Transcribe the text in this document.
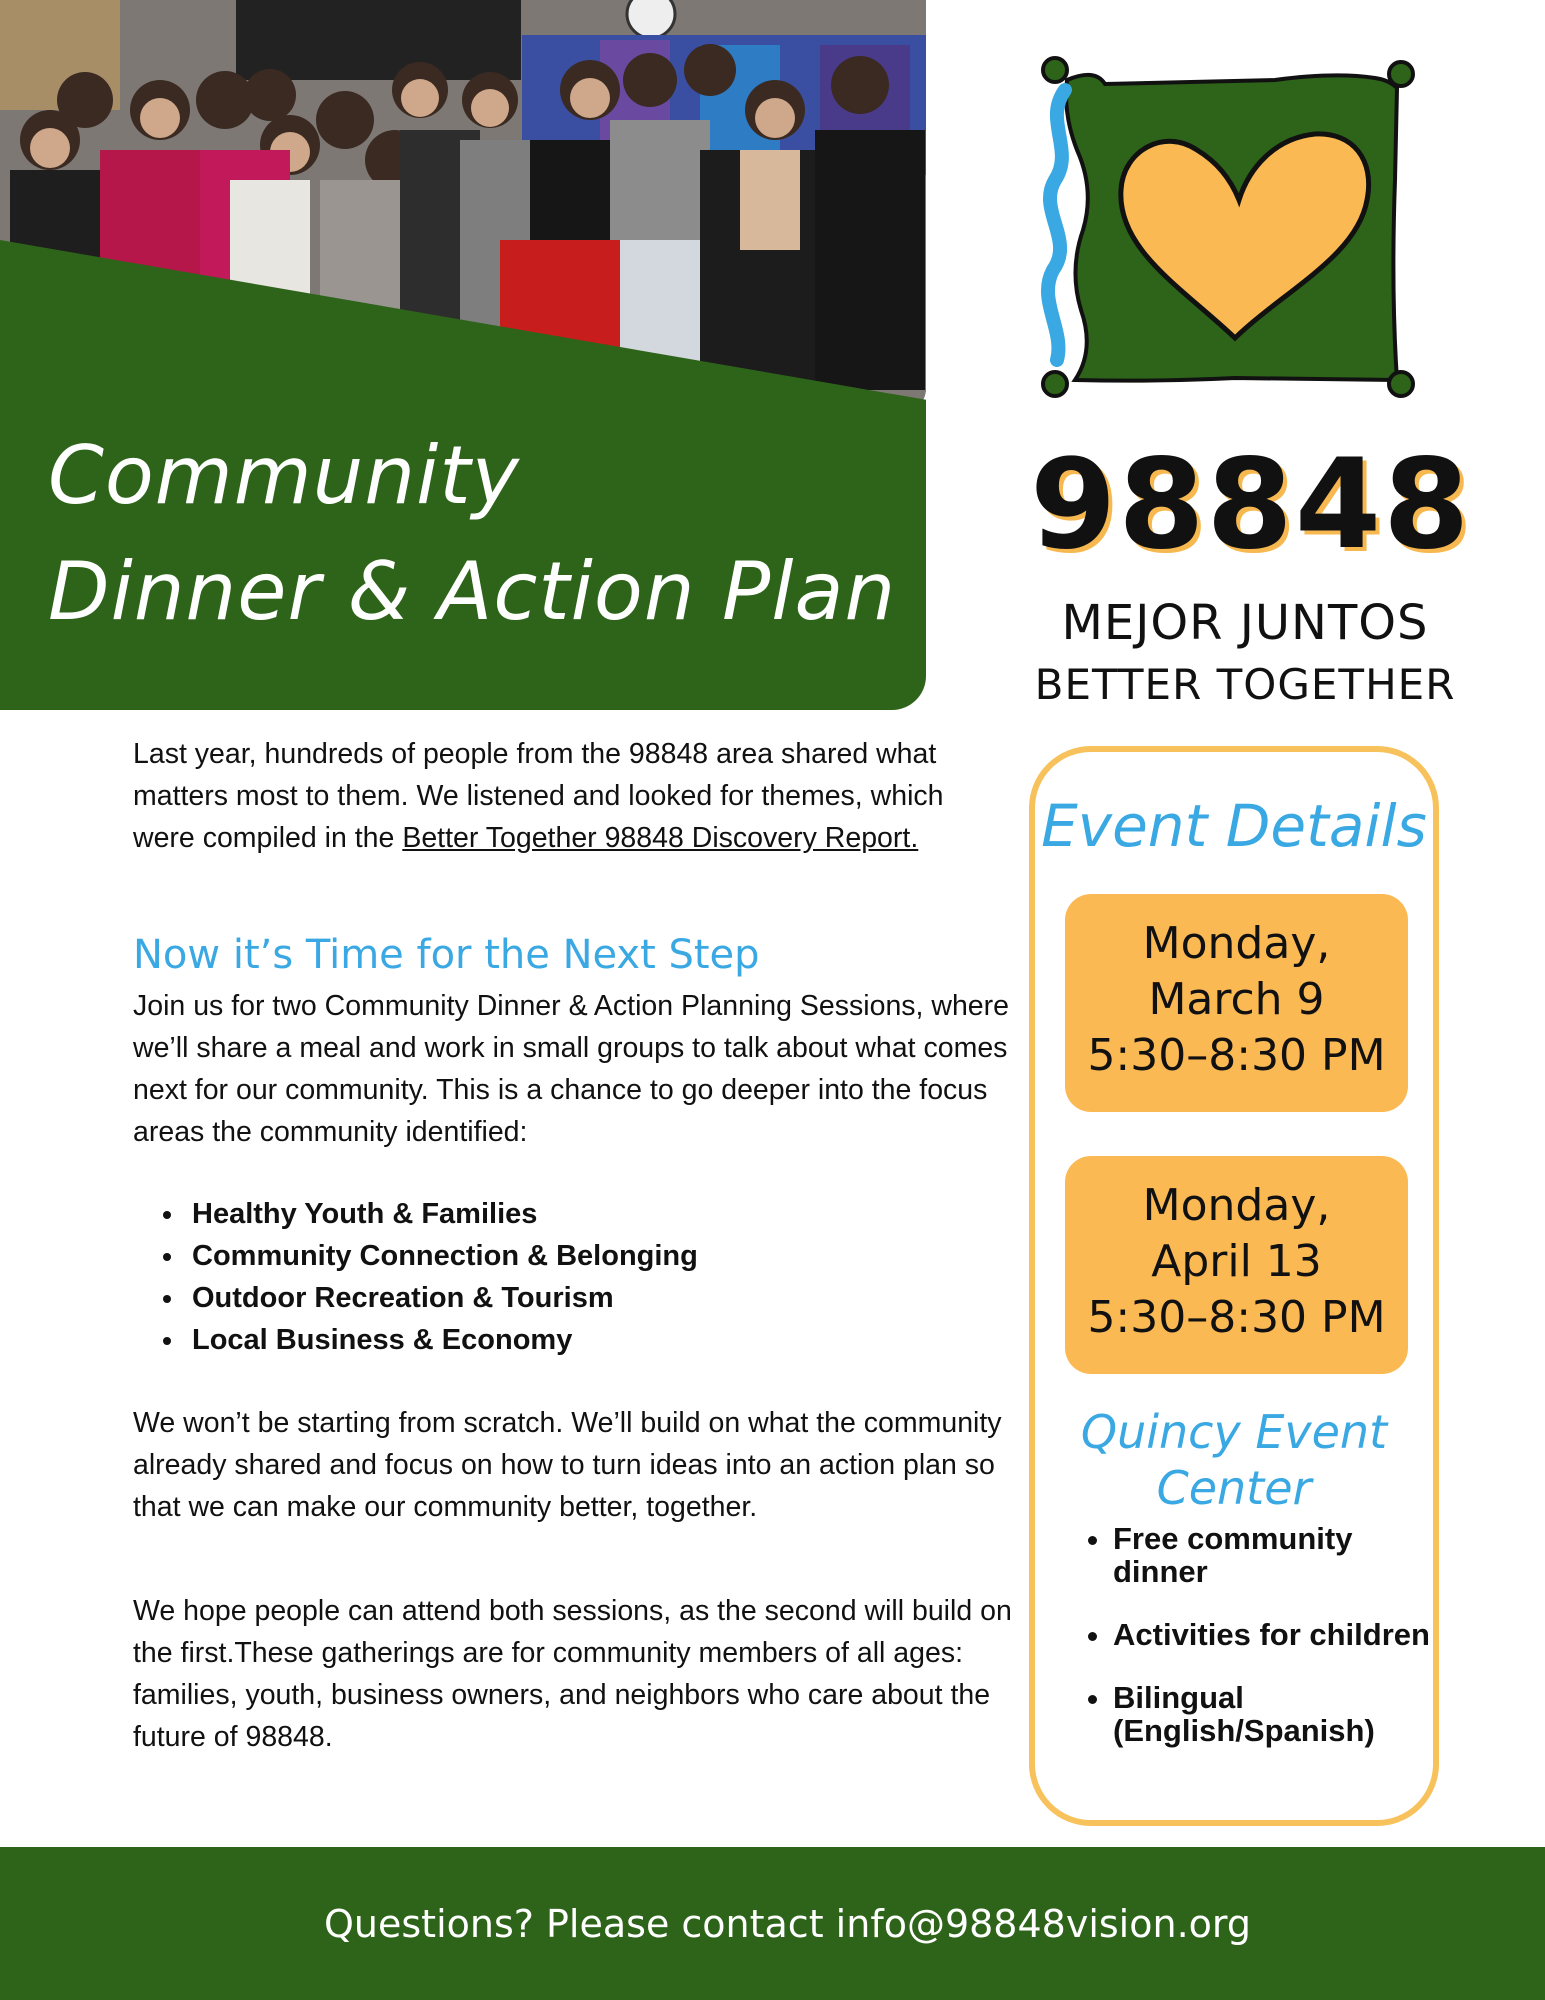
Community
Dinner & Action Plan
98848
MEJOR JUNTOS
BETTER TOGETHER
Last year, hundreds of people from the 98848 area shared what matters most to them. We listened and looked for themes, which were compiled in the Better Together 98848 Discovery Report.
Now it’s Time for the Next Step
Join us for two Community Dinner & Action Planning Sessions, where we’ll share a meal and work in small groups to talk about what comes next for our community. This is a chance to go deeper into the focus areas the community identified:
• Healthy Youth & Families
• Community Connection & Belonging
• Outdoor Recreation & Tourism
• Local Business & Economy
We won’t be starting from scratch. We’ll build on what the community already shared and focus on how to turn ideas into an action plan so that we can make our community better, together.
We hope people can attend both sessions, as the second will build on the first.These gatherings are for community members of all ages: families, youth, business owners, and neighbors who care about the future of 98848.
Event Details
Monday,
March 9
5:30–8:30 PM
Monday,
April 13
5:30–8:30 PM
Quincy Event
Center
• Free community dinner
• Activities for children
• Bilingual (English/Spanish)
Questions? Please contact info@98848vision.org
